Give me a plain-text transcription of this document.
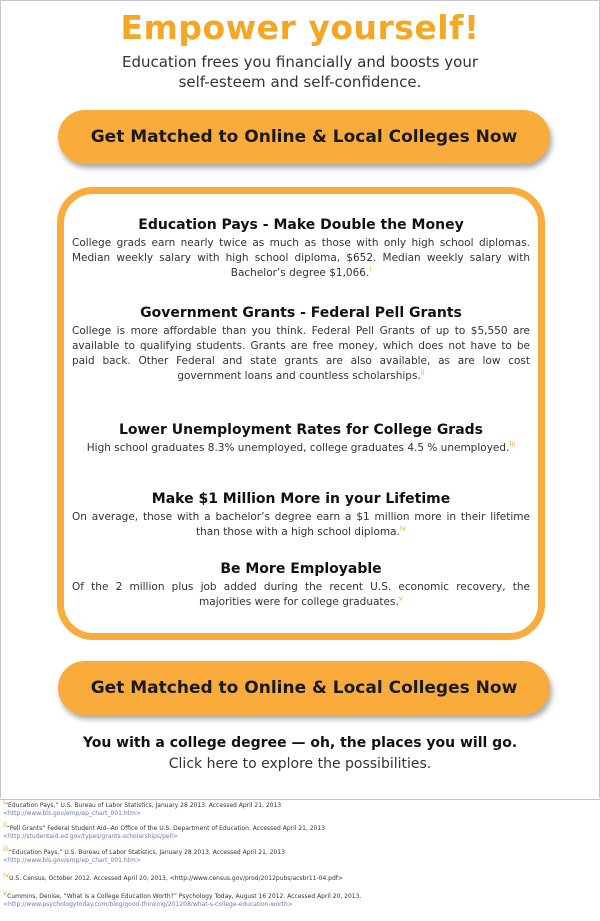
Empower yourself!
Education frees you financially and boosts your
self-esteem and self-confidence.
Get Matched to Online & Local Colleges Now
Education Pays - Make Double the Money

College grads earn nearly twice as much as those with only high school diplomas. Median weekly salary with high school diploma, $652. Median weekly salary with Bachelor’s degree $1,066.$^i$

Government Grants - Federal Pell Grants

College is more affordable than you think. Federal Pell Grants of up to $5,550 are available to qualifying students. Grants are free money, which does not have to be paid back. Other Federal and state grants are also available, as are low cost government loans and countless scholarships.$^{ii}$

Lower Unemployment Rates for College Grads

High school graduates 8.3% unemployed, college graduates 4.5 % unemployed.$^{iii}$

Make $1 Million More in your Lifetime

On average, those with a bachelor’s degree earn a $1 million more in their lifetime than those with a high school diploma.$^{iv}$

Be More Employable

Of the 2 million plus job added during the recent U.S. economic recovery, the majorities were for college graduates.$^v$

Get Matched to Online & Local Colleges Now
You with a college degree — oh, the places you will go.
Click here to explore the possibilities.
i“Education Pays,” U.S. Bureau of Labor Statistics, January 28 2013. Accessed April 21, 2013
<http://www.bls.gov/emp/ep_chart_001.htm>
ii“Pell Grants” Federal Student Aid--An Office of the U.S. Department of Education. Accessed April 21, 2013
<http://studentaid.ed.gov/types/grants-scholarships/pell>
iii“Education Pays,” U.S. Bureau of Labor Statistics, January 28 2013. Accessed April 21, 2013
<http://www.bls.gov/emp/ep_chart_001.htm>
ivU.S. Census, October 2012. Accessed April 20, 2013, <http://www.census.gov/prod/2012pubs/acsbr11-04.pdf>
vCummins, Denise, “What is a College Education Worth?” Psychology Today, August 16 2012. Accessed April 20, 2013.
<http://www.psychologytoday.com/blog/good-thinking/201208/what-s-college-education-worth>
